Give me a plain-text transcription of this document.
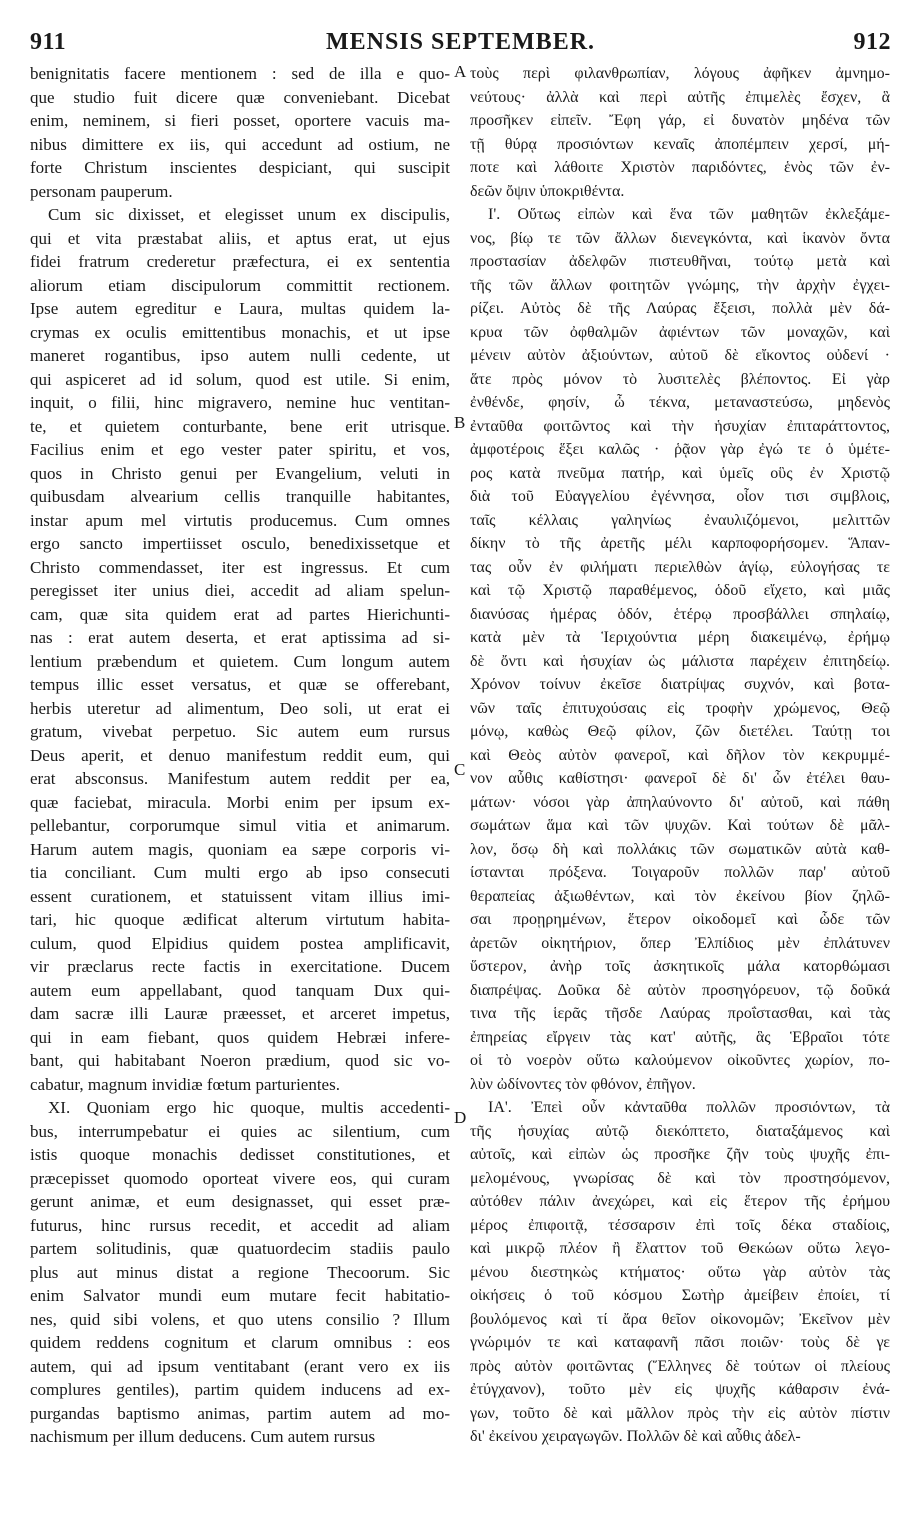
911	MENSIS SEPTEMBER.	912
benignitatis facere mentionem : sed de illa e quo-
que studio fuit dicere quæ conveniebant. Dicebat
enim, neminem, si fieri posset, oportere vacuis ma-
nibus dimittere ex iis, qui accedunt ad ostium, ne
forte Christum inscientes despiciant, qui suscipit
personam pauperum.
Cum sic dixisset, et elegisset unum ex discipulis,
qui et vita præstabat aliis, et aptus erat, ut ejus
fidei fratrum crederetur præfectura, ei ex sententia
aliorum etiam discipulorum committit rectionem.
Ipse autem egreditur e Laura, multas quidem la-
crymas ex oculis emittentibus monachis, et ut ipse
maneret rogantibus, ipso autem nulli cedente, ut
qui aspiceret ad id solum, quod est utile. Si enim,
inquit, o filii, hinc migravero, nemine huc ventitan-
te, et quietem conturbante, bene erit utrisque.
Facilius enim et ego vester pater spiritu, et vos,
quos in Christo genui per Evangelium, veluti in
quibusdam alvearium cellis tranquille habitantes,
instar apum mel virtutis producemus. Cum omnes
ergo sancto impertiisset osculo, benedixissetque et
Christo commendasset, iter est ingressus. Et cum
peregisset iter unius diei, accedit ad aliam spelun-
cam, quæ sita quidem erat ad partes Hierichunti-
nas : erat autem deserta, et erat aptissima ad si-
lentium præbendum et quietem. Cum longum autem
tempus illic esset versatus, et quæ se offerebant,
herbis uteretur ad alimentum, Deo soli, ut erat ei
gratum, vivebat perpetuo. Sic autem eum rursus
Deus aperit, et denuo manifestum reddit eum, qui
erat absconsus. Manifestum autem reddit per ea,
quæ faciebat, miracula. Morbi enim per ipsum ex-
pellebantur, corporumque simul vitia et animarum.
Harum autem magis, quoniam ea sæpe corporis vi-
tia conciliant. Cum multi ergo ab ipso consecuti
essent curationem, et statuissent vitam illius imi-
tari, hic quoque ædificat alterum virtutum habita-
culum, quod Elpidius quidem postea amplificavit,
vir præclarus recte factis in exercitatione. Ducem
autem eum appellabant, quod tanquam Dux qui-
dam sacræ illi Lauræ præesset, et arceret impetus,
qui in eam fiebant, quos quidem Hebræi infere-
bant, qui habitabant Noeron prædium, quod sic vo-
cabatur, magnum invidiæ fœtum parturientes.
XI. Quoniam ergo hic quoque, multis accedenti-
bus, interrumpebatur ei quies ac silentium, cum
istis quoque monachis dedisset constitutiones, et
præcepisset quomodo oporteat vivere eos, qui curam
gerunt animæ, et eum designasset, qui esset præ-
futurus, hinc rursus recedit, et accedit ad aliam
partem solitudinis, quæ quatuordecim stadiis paulo
plus aut minus distat a regione Thecoorum. Sic
enim Salvator mundi eum mutare fecit habitatio-
nes, quid sibi volens, et quo utens consilio ? Illum
quidem reddens cognitum et clarum omnibus : eos
autem, qui ad ipsum ventitabant (erant vero ex iis
complures gentiles), partim quidem inducens ad ex-
purgandas baptismo animas, partim autem ad mo-
nachismum per illum deducens. Cum autem rursus
τοὺς περὶ φιλανθρωπίαν, λόγους ἀφῆκεν ἀμνημο-
νεύτους· ἀλλὰ καὶ περὶ αὐτῆς ἐπιμελὲς ἔσχεν, ἃ
προσῆκεν εἰπεῖν. Ἔφη γάρ, εἰ δυνατὸν μηδένα τῶν
τῇ θύρᾳ προσιόντων κεναῖς ἀποπέμπειν χερσί, μή-
ποτε καὶ λάθοιτε Χριστὸν παριδόντες, ἑνὸς τῶν ἐν-
δεῶν ὄψιν ὑποκριθέντα.
Ι'. Οὕτως εἰπὼν καὶ ἕνα τῶν μαθητῶν ἐκλεξάμε-
νος, βίῳ τε τῶν ἄλλων διενεγκόντα, καὶ ἱκανὸν ὄντα
προστασίαν ἀδελφῶν πιστευθῆναι, τούτῳ μετὰ καὶ
τῆς τῶν ἄλλων φοιτητῶν γνώμης, τὴν ἀρχὴν ἐγχει-
ρίζει. Αὐτὸς δὲ τῆς Λαύρας ἔξεισι, πολλὰ μὲν δά-
κρυα τῶν ὀφθαλμῶν ἀφιέντων τῶν μοναχῶν, καὶ
μένειν αὐτὸν ἀξιούντων, αὐτοῦ δὲ εἴκοντος οὐδενί ·
ἅτε πρὸς μόνον τὸ λυσιτελὲς βλέποντος. Εἰ γὰρ
ἐνθένδε, φησίν, ὦ τέκνα, μεταναστεύσω, μηδενὸς
ἐνταῦθα φοιτῶντος καὶ τὴν ἡσυχίαν ἐπιταράττοντος,
ἀμφοτέροις ἕξει καλῶς · ῥᾷον γὰρ ἐγώ τε ὁ ὑμέτε-
ρος κατὰ πνεῦμα πατήρ, καὶ ὑμεῖς οὓς ἐν Χριστῷ
διὰ τοῦ Εὐαγγελίου ἐγέννησα, οἷον τισι σιμβλοις,
ταῖς κέλλαις γαληνίως ἐναυλιζόμενοι, μελιττῶν
δίκην τὸ τῆς ἀρετῆς μέλι καρποφορήσομεν. Ἅπαν-
τας οὖν ἐν φιλήματι περιελθὼν ἁγίῳ, εὐλογήσας τε
καὶ τῷ Χριστῷ παραθέμενος, ὁδοῦ εἴχετο, καὶ μιᾶς
διανύσας ἡμέρας ὁδόν, ἑτέρῳ προσβάλλει σπηλαίῳ,
κατὰ μὲν τὰ Ἱεριχούντια μέρη διακειμένῳ, ἐρήμῳ
δὲ ὄντι καὶ ἡσυχίαν ὡς μάλιστα παρέχειν ἐπιτηδείῳ.
Χρόνον τοίνυν ἐκεῖσε διατρίψας συχνόν, καὶ βοτα-
νῶν ταῖς ἐπιτυχούσαις εἰς τροφὴν χρώμενος, Θεῷ
μόνῳ, καθὼς Θεῷ φίλον, ζῶν διετέλει. Ταύτῃ τοι
καὶ Θεὸς αὐτὸν φανεροῖ, καὶ δῆλον τὸν κεκρυμμέ-
νον αὖθις καθίστησι· φανεροῖ δὲ δι' ὧν ἐτέλει θαυ-
μάτων· νόσοι γὰρ ἀπηλαύνοντο δι' αὐτοῦ, καὶ πάθη
σωμάτων ἅμα καὶ τῶν ψυχῶν. Καὶ τούτων δὲ μᾶλ-
λον, ὅσῳ δὴ καὶ πολλάκις τῶν σωματικῶν αὐτὰ καθ-
ίστανται πρόξενα. Τοιγαροῦν πολλῶν παρ' αὐτοῦ
θεραπείας ἀξιωθέντων, καὶ τὸν ἐκείνου βίον ζηλῶ-
σαι προῃρημένων, ἕτερον οἰκοδομεῖ καὶ ὧδε τῶν
ἀρετῶν οἰκητήριον, ὅπερ Ἐλπίδιος μὲν ἐπλάτυνεν
ὕστερον, ἀνὴρ τοῖς ἀσκητικοῖς μάλα κατορθώμασι
διαπρέψας. Δοῦκα δὲ αὐτὸν προσηγόρευον, τῷ δοῦκά
τινα τῆς ἱερᾶς τῆσδε Λαύρας προΐστασθαι, καὶ τὰς
ἐπηρείας εἴργειν τὰς κατ' αὐτῆς, ἃς Ἑβραῖοι τότε
οἱ τὸ νοερὸν οὕτω καλούμενον οἰκοῦντες χωρίον, πο-
λὺν ὠδίνοντες τὸν φθόνον, ἐπῆγον.
ΙΑ'. Ἐπεὶ οὖν κἀνταῦθα πολλῶν προσιόντων, τὰ
τῆς ἡσυχίας αὐτῷ διεκόπτετο, διαταξάμενος καὶ
αὐτοῖς, καὶ εἰπὼν ὡς προσῆκε ζῆν τοὺς ψυχῆς ἐπι-
μελομένους, γνωρίσας δὲ καὶ τὸν προστησόμενον,
αὐτόθεν πάλιν ἀνεχώρει, καὶ εἰς ἕτερον τῆς ἐρήμου
μέρος ἐπιφοιτᾷ, τέσσαρσιν ἐπὶ τοῖς δέκα σταδίοις,
καὶ μικρῷ πλέον ἢ ἔλαττον τοῦ Θεκώων οὕτω λεγο-
μένου διεστηκὼς κτήματος· οὕτω γὰρ αὐτὸν τὰς
οἰκήσεις ὁ τοῦ κόσμου Σωτὴρ ἀμείβειν ἐποίει, τί
βουλόμενος καὶ τί ἄρα θεῖον οἰκονομῶν; Ἐκεῖνον μὲν
γνώριμόν τε καὶ καταφανῆ πᾶσι ποιῶν· τοὺς δὲ γε
πρὸς αὐτὸν φοιτῶντας (Ἕλληνες δὲ τούτων οἱ πλείους
ἐτύγχανον), τοῦτο μὲν εἰς ψυχῆς κάθαρσιν ἐνά-
γων, τοῦτο δὲ καὶ μᾶλλον πρὸς τὴν εἰς αὐτὸν πίστιν
δι' ἐκείνου χειραγωγῶν. Πολλῶν δὲ καὶ αὖθις ἀδελ-
A
B
C
D
